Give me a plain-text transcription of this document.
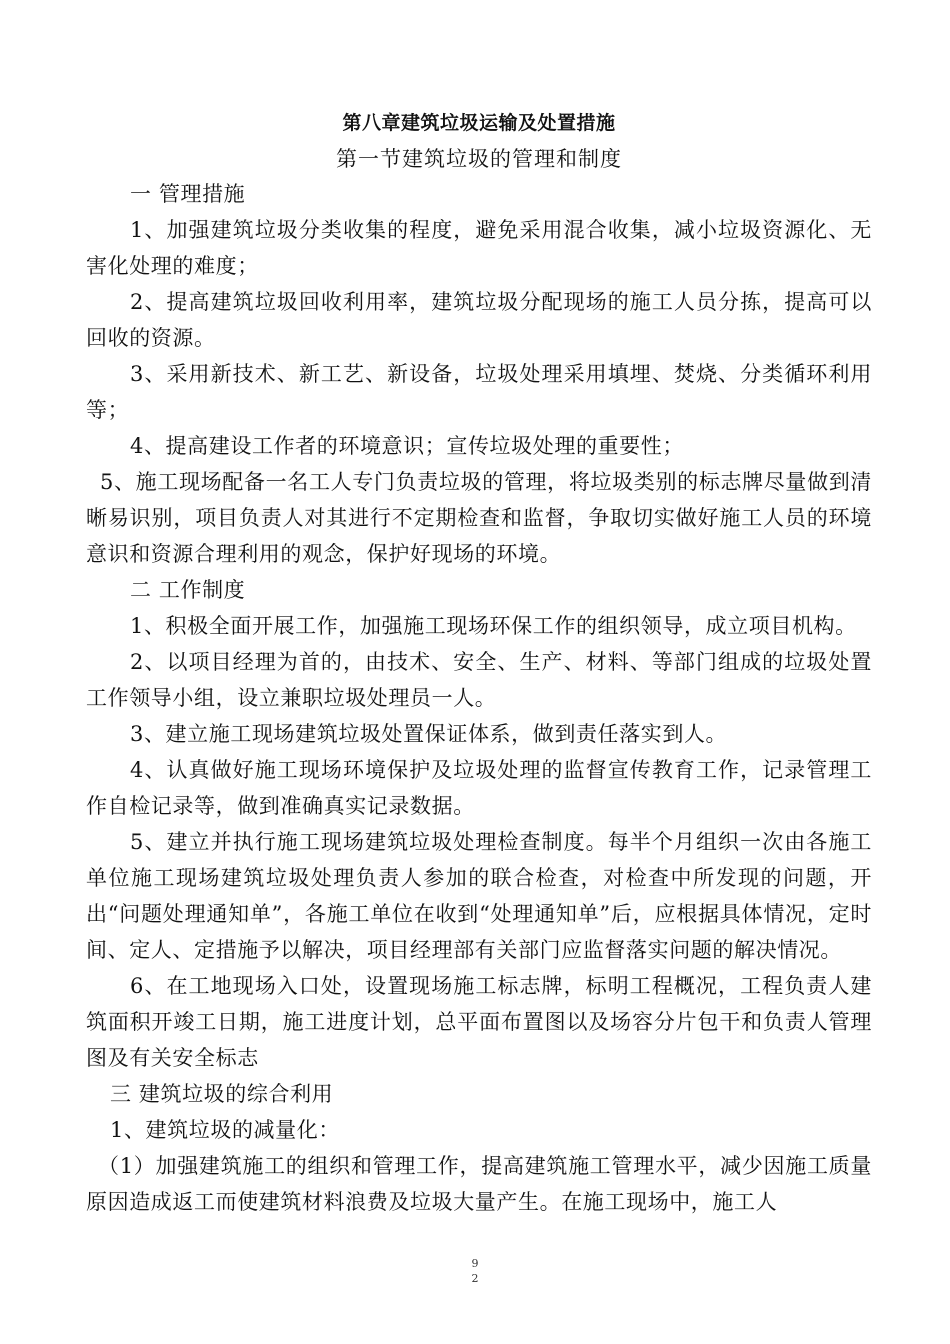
第八章建筑垃圾运输及处置措施
第一节建筑垃圾的管理和制度
一 管理措施

1、加强建筑垃圾分类收集的程度，避免采用混合收集，减小垃圾资源化、无害化处理的难度；

2、提高建筑垃圾回收利用率，建筑垃圾分配现场的施工人员分拣，提高可以回收的资源。

3、采用新技术、新工艺、新设备，垃圾处理采用填埋、焚烧、分类循环利用等；

4、提高建设工作者的环境意识；宣传垃圾处理的重要性；

5、施工现场配备一名工人专门负责垃圾的管理，将垃圾类别的标志牌尽量做到清晰易识别，项目负责人对其进行不定期检查和监督，争取切实做好施工人员的环境意识和资源合理利用的观念，保护好现场的环境。

二 工作制度

1、积极全面开展工作，加强施工现场环保工作的组织领导，成立项目机构。

2、以项目经理为首的，由技术、安全、生产、材料、等部门组成的垃圾处置工作领导小组，设立兼职垃圾处理员一人。

3、建立施工现场建筑垃圾处置保证体系，做到责任落实到人。

4、认真做好施工现场环境保护及垃圾处理的监督宣传教育工作，记录管理工作自检记录等，做到准确真实记录数据。

5、建立并执行施工现场建筑垃圾处理检查制度。每半个月组织一次由各施工单位施工现场建筑垃圾处理负责人参加的联合检查，对检查中所发现的问题，开出“问题处理通知单”，各施工单位在收到“处理通知单”后，应根据具体情况，定时间、定人、定措施予以解决，项目经理部有关部门应监督落实问题的解决情况。

6、在工地现场入口处，设置现场施工标志牌，标明工程概况，工程负责人建筑面积开竣工日期，施工进度计划，总平面布置图以及场容分片包干和负责人管理图及有关安全标志

三 建筑垃圾的综合利用
1、建筑垃圾的减量化：

（1）加强建筑施工的组织和管理工作，提高建筑施工管理水平，减少因施工质量原因造成返工而使建筑材料浪费及垃圾大量产生。在施工现场中，施工人

9
2
